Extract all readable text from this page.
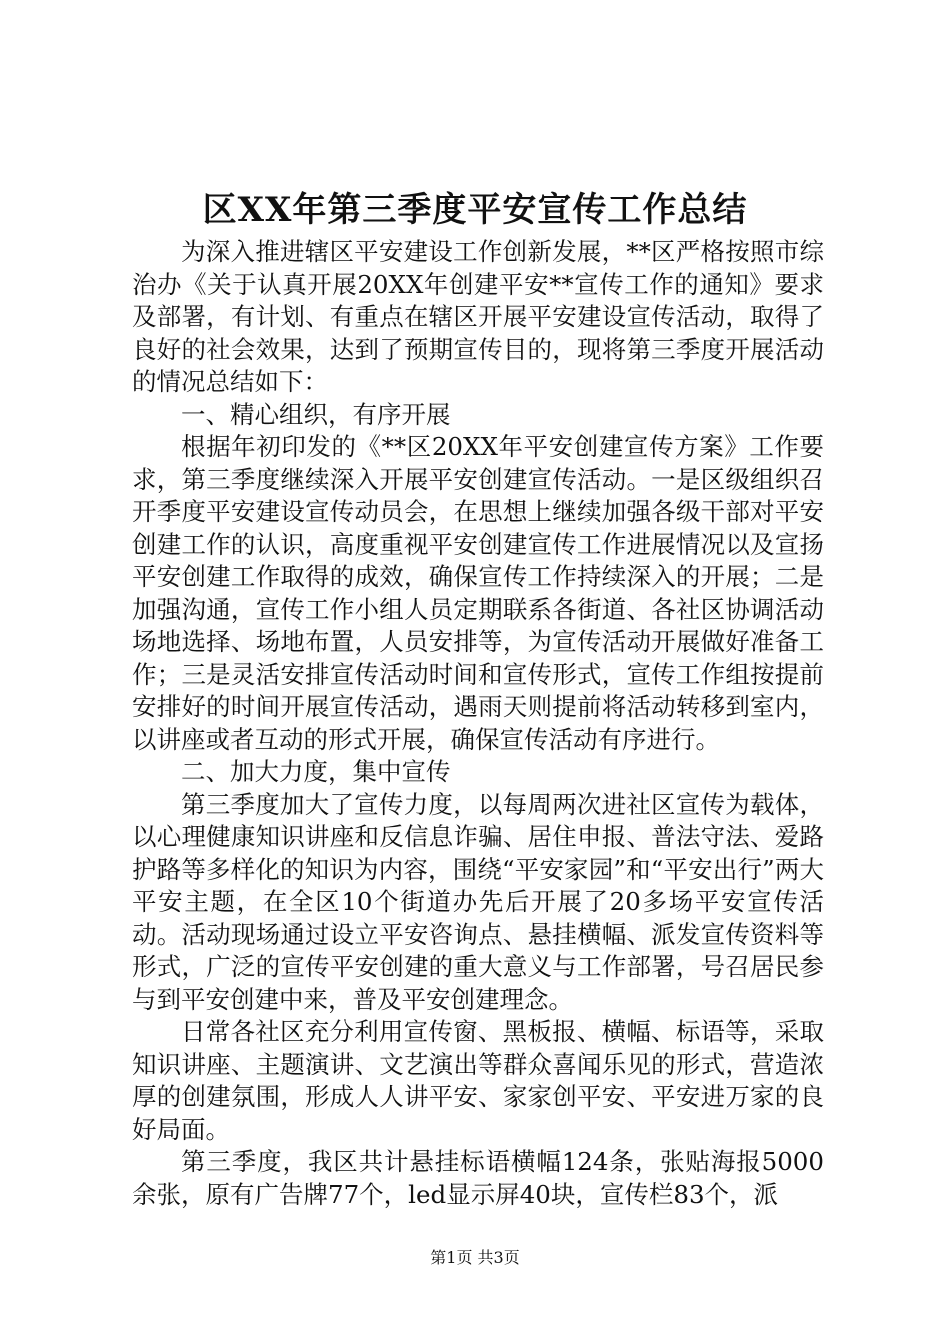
区XX年第三季度平安宣传工作总结

为深入推进辖区平安建设工作创新发展，**区严格按照市综治办《关于认真开展20XX年创建平安**宣传工作的通知》要求及部署，有计划、有重点在辖区开展平安建设宣传活动，取得了良好的社会效果，达到了预期宣传目的，现将第三季度开展活动的情况总结如下：

一、精心组织，有序开展

根据年初印发的《**区20XX年平安创建宣传方案》工作要求，第三季度继续深入开展平安创建宣传活动。一是区级组织召开季度平安建设宣传动员会，在思想上继续加强各级干部对平安创建工作的认识，高度重视平安创建宣传工作进展情况以及宣扬平安创建工作取得的成效，确保宣传工作持续深入的开展；二是加强沟通，宣传工作小组人员定期联系各街道、各社区协调活动场地选择、场地布置，人员安排等，为宣传活动开展做好准备工作；三是灵活安排宣传活动时间和宣传形式，宣传工作组按提前安排好的时间开展宣传活动，遇雨天则提前将活动转移到室内，以讲座或者互动的形式开展，确保宣传活动有序进行。

二、加大力度，集中宣传

第三季度加大了宣传力度，以每周两次进社区宣传为载体，以心理健康知识讲座和反信息诈骗、居住申报、普法守法、爱路护路等多样化的知识为内容，围绕“平安家园”和“平安出行”两大平安主题，在全区10个街道办先后开展了20多场平安宣传活动。活动现场通过设立平安咨询点、悬挂横幅、派发宣传资料等形式，广泛的宣传平安创建的重大意义与工作部署，号召居民参与到平安创建中来，普及平安创建理念。

日常各社区充分利用宣传窗、黑板报、横幅、标语等，采取知识讲座、主题演讲、文艺演出等群众喜闻乐见的形式，营造浓厚的创建氛围，形成人人讲平安、家家创平安、平安进万家的良好局面。

第三季度，我区共计悬挂标语横幅124条，张贴海报5000余张，原有广告牌77个，led显示屏40块，宣传栏83个，派

第1页 共3页
